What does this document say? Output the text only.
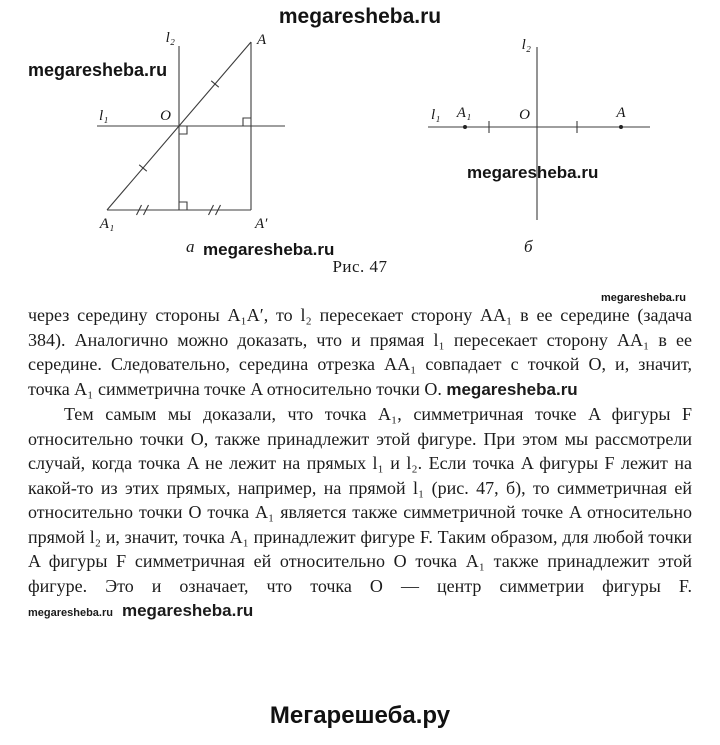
megaresheba.ru
megaresheba.ru
l₂
l₁
A
O
A₁	A′
l₁
l₂
A₁	O	A
megaresheba.ru
а megaresheba.ru	б
Рис. 47
megaresheba.ru

через середину стороны A₁A′, то l₂ пересекает сторону AA₁ в ее середине (задача 384). Аналогично можно доказать, что и прямая l₁ пересекает сторону AA₁ в ее середине. Следовательно, середина отрезка AA₁ совпадает с точкой O, и, значит, точка A₁ симметрична точке A относительно точки O. megaresheba.ru

Тем самым мы доказали, что точка A₁, симметричная точке A фигуры F относительно точки O, также принадлежит этой фигуре. При этом мы рассмотрели случай, когда точка A не лежит на прямых l₁ и l₂. Если точка A фигуры F лежит на какой-то из этих прямых, например, на прямой l₁ (рис. 47, б), то симметричная ей относительно точки O точка A₁ является также симметричной точке A относительно прямой l₂ и, значит, точка A₁ принадлежит фигуре F. Таким образом, для любой точки A фигуры F симметричная ей относительно O точка A₁ также принадлежит этой фигуре. Это и означает, что точка O — центр симметрии фигуры F. megaresheba.ru megaresheba.ru

Мегарешеба.ру
